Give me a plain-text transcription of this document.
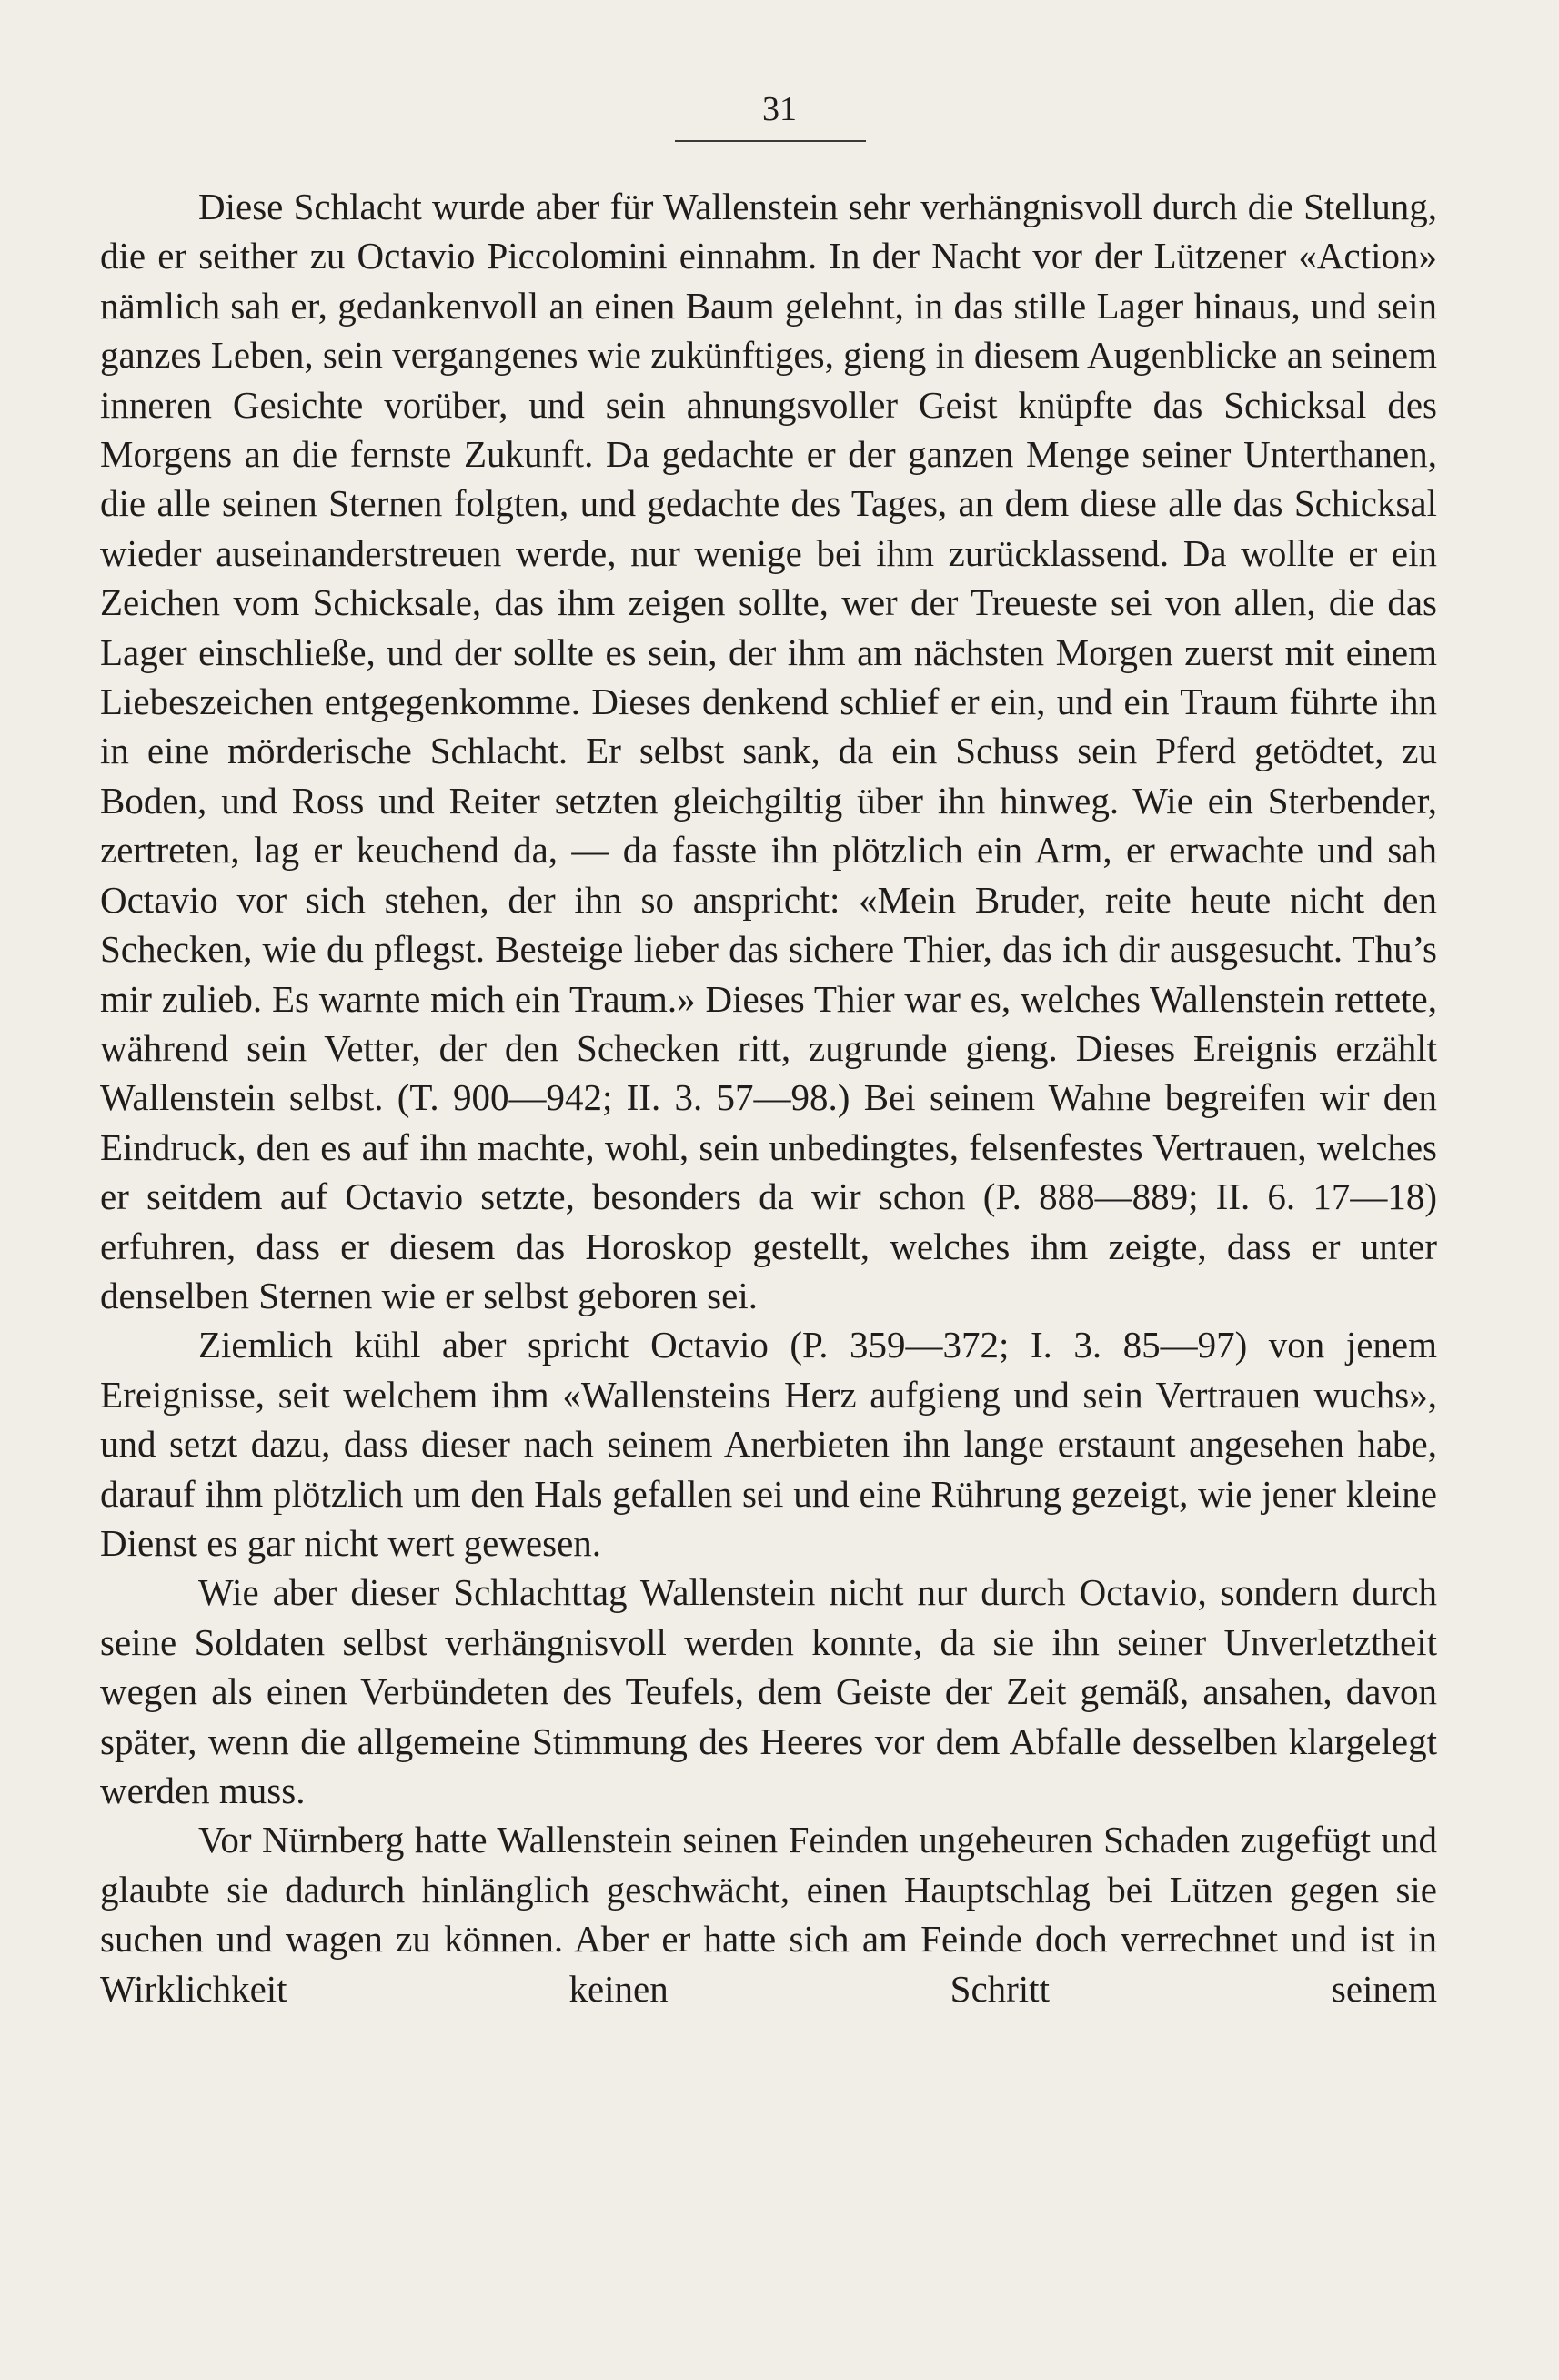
31

Diese Schlacht wurde aber für Wallenstein sehr verhängnisvoll durch die Stellung, die er seither zu Octavio Piccolomini einnahm. In der Nacht vor der Lützener «Action» nämlich sah er, gedankenvoll an einen Baum gelehnt, in das stille Lager hinaus, und sein ganzes Leben, sein vergangenes wie zukünftiges, gieng in diesem Augenblicke an seinem inneren Gesichte vorüber, und sein ahnungsvoller Geist knüpfte das Schicksal des Morgens an die fernste Zukunft. Da gedachte er der ganzen Menge seiner Unterthanen, die alle seinen Sternen folgten, und gedachte des Tages, an dem diese alle das Schicksal wieder auseinanderstreuen werde, nur wenige bei ihm zurücklassend. Da wollte er ein Zeichen vom Schicksale, das ihm zeigen sollte, wer der Treueste sei von allen, die das Lager einschließe, und der sollte es sein, der ihm am nächsten Morgen zuerst mit einem Liebeszeichen entgegenkomme. Dieses denkend schlief er ein, und ein Traum führte ihn in eine mörderische Schlacht. Er selbst sank, da ein Schuss sein Pferd getödtet, zu Boden, und Ross und Reiter setzten gleichgiltig über ihn hinweg. Wie ein Sterbender, zertreten, lag er keuchend da, — da fasste ihn plötzlich ein Arm, er erwachte und sah Octavio vor sich stehen, der ihn so anspricht: «Mein Bruder, reite heute nicht den Schecken, wie du pflegst. Besteige lieber das sichere Thier, das ich dir ausgesucht. Thu’s mir zulieb. Es warnte mich ein Traum.» Dieses Thier war es, welches Wallenstein rettete, während sein Vetter, der den Schecken ritt, zugrunde gieng. Dieses Ereignis erzählt Wallenstein selbst. (T. 900—942; II. 3. 57—98.) Bei seinem Wahne begreifen wir den Eindruck, den es auf ihn machte, wohl, sein unbedingtes, felsenfestes Vertrauen, welches er seitdem auf Octavio setzte, besonders da wir schon (P. 888—889; II. 6. 17—18) erfuhren, dass er diesem das Horoskop gestellt, welches ihm zeigte, dass er unter denselben Sternen wie er selbst geboren sei.

Ziemlich kühl aber spricht Octavio (P. 359—372; I. 3. 85—97) von jenem Ereignisse, seit welchem ihm «Wallensteins Herz aufgieng und sein Vertrauen wuchs», und setzt dazu, dass dieser nach seinem Anerbieten ihn lange erstaunt angesehen habe, darauf ihm plötzlich um den Hals gefallen sei und eine Rührung gezeigt, wie jener kleine Dienst es gar nicht wert gewesen.

Wie aber dieser Schlachttag Wallenstein nicht nur durch Octavio, sondern durch seine Soldaten selbst verhängnisvoll werden konnte, da sie ihn seiner Unverletztheit wegen als einen Verbündeten des Teufels, dem Geiste der Zeit gemäß, ansahen, davon später, wenn die allgemeine Stimmung des Heeres vor dem Abfalle desselben klargelegt werden muss.

Vor Nürnberg hatte Wallenstein seinen Feinden ungeheuren Schaden zugefügt und glaubte sie dadurch hinlänglich geschwächt, einen Hauptschlag bei Lützen gegen sie suchen und wagen zu können. Aber er hatte sich am Feinde doch verrechnet und ist in Wirklichkeit keinen Schritt seinem
